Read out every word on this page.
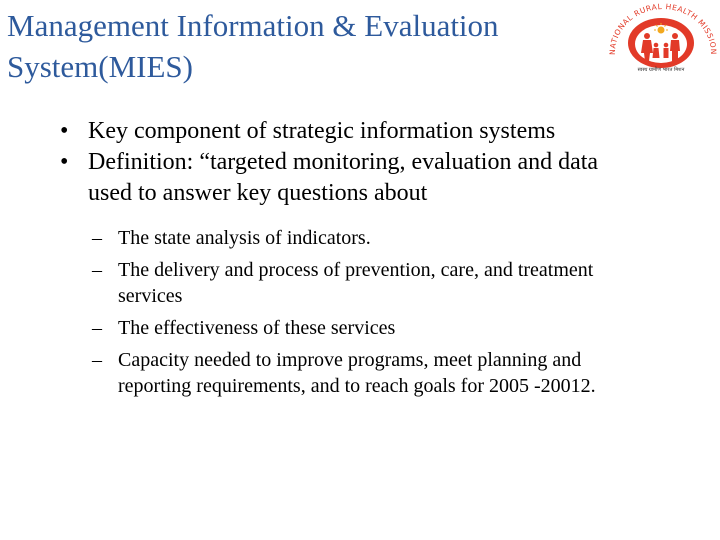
Management Information & Evaluation System(MIES)	NATIONAL RURAL HEALTH MISSION
स्वस्थ ग्रामीण भारत मिशन
• Key component of strategic information systems
• Definition: “targeted monitoring, evaluation and data used to answer key questions about
– The state analysis of indicators.
– The delivery and process of prevention, care, and treatment services
– The effectiveness of these services
– Capacity needed to improve programs, meet planning and reporting requirements, and to reach goals for 2005 -20012.
